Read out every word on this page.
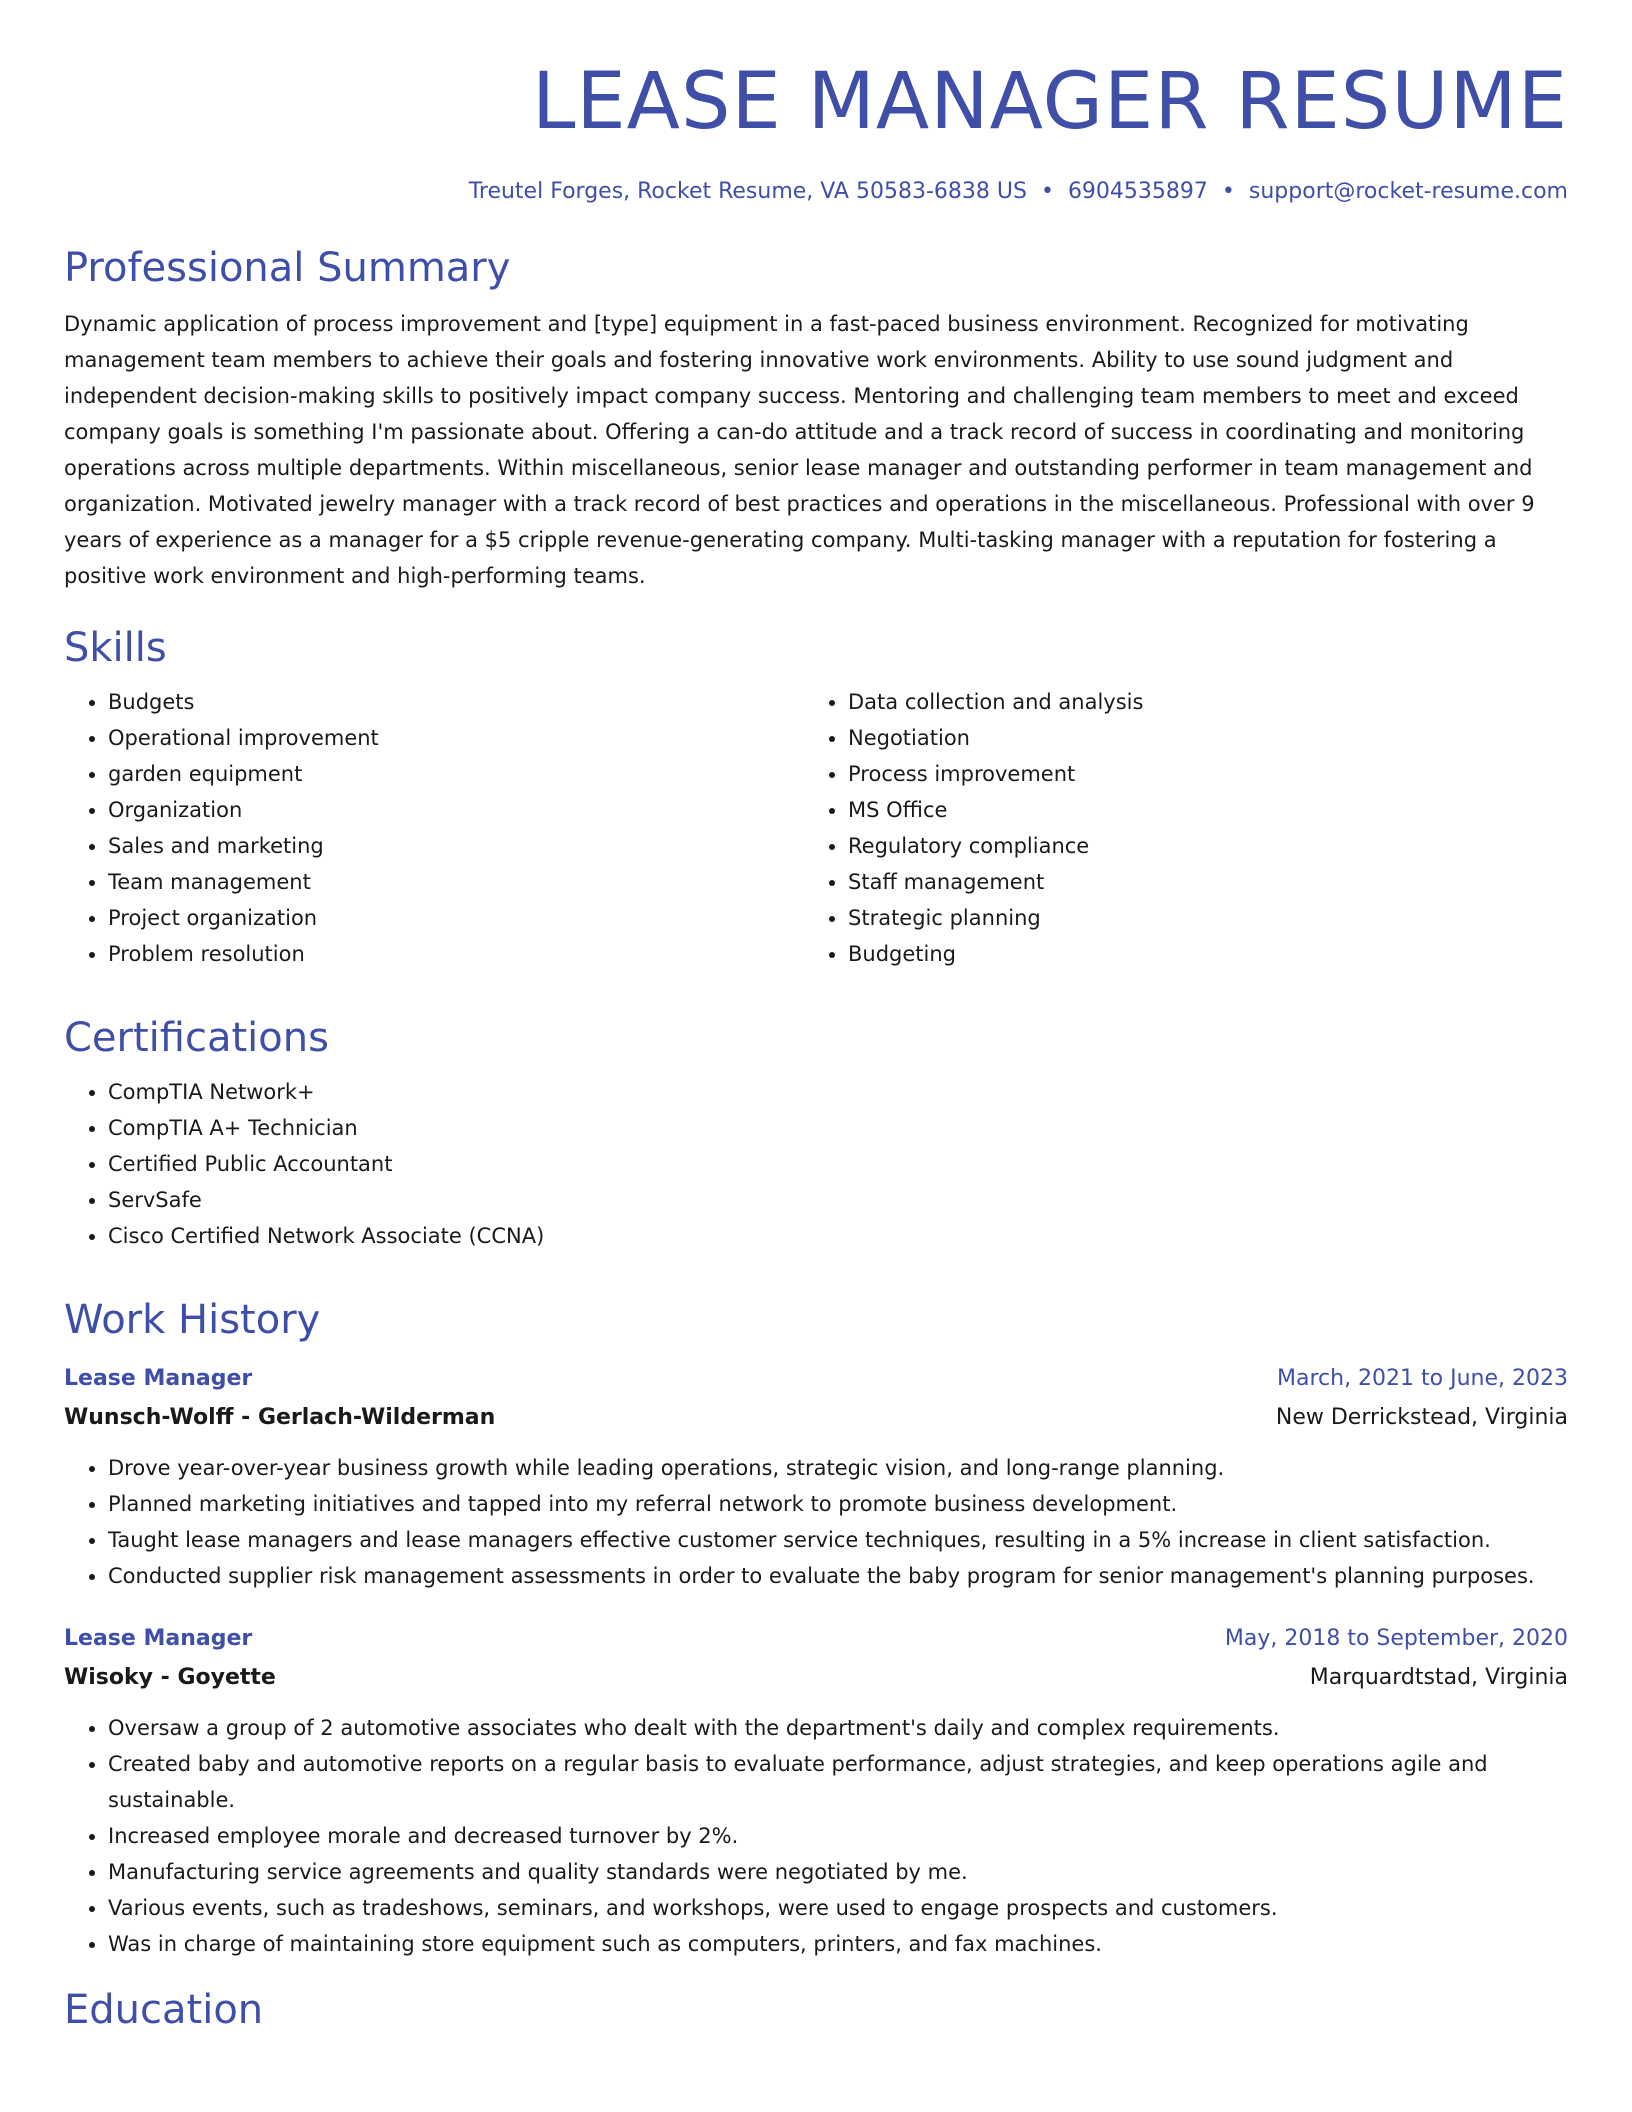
LEASE MANAGER RESUME
Treutel Forges, Rocket Resume, VA 50583-6838 US • 6904535897 • support@rocket-resume.com
Professional Summary

Dynamic application of process improvement and [type] equipment in a fast-paced business environment. Recognized for motivating management team members to achieve their goals and fostering innovative work environments. Ability to use sound judgment and independent decision-making skills to positively impact company success. Mentoring and challenging team members to meet and exceed company goals is something I'm passionate about. Offering a can-do attitude and a track record of success in coordinating and monitoring operations across multiple departments. Within miscellaneous, senior lease manager and outstanding performer in team management and organization. Motivated jewelry manager with a track record of best practices and operations in the miscellaneous. Professional with over 9 years of experience as a manager for a $5 cripple revenue-generating company. Multi-tasking manager with a reputation for fostering a positive work environment and high-performing teams.

Skills
• Budgets
• Operational improvement
• garden equipment
• Organization
• Sales and marketing
• Team management
• Project organization
• Problem resolution
• Data collection and analysis
• Negotiation
• Process improvement
• MS Office
• Regulatory compliance
• Staff management
• Strategic planning
• Budgeting
Certifications
• CompTIA Network+
• CompTIA A+ Technician
• Certified Public Accountant
• ServSafe
• Cisco Certified Network Associate (CCNA)
Work History
Lease Manager	March, 2021 to June, 2023
Wunsch-Wolff - Gerlach-Wilderman	New Derrickstead, Virginia
• Drove year-over-year business growth while leading operations, strategic vision, and long-range planning.
• Planned marketing initiatives and tapped into my referral network to promote business development.
• Taught lease managers and lease managers effective customer service techniques, resulting in a 5% increase in client satisfaction.
• Conducted supplier risk management assessments in order to evaluate the baby program for senior management's planning purposes.
Lease Manager	May, 2018 to September, 2020
Wisoky - Goyette	Marquardtstad, Virginia
• Oversaw a group of 2 automotive associates who dealt with the department's daily and complex requirements.
• Created baby and automotive reports on a regular basis to evaluate performance, adjust strategies, and keep operations agile and sustainable.
• Increased employee morale and decreased turnover by 2%.
• Manufacturing service agreements and quality standards were negotiated by me.
• Various events, such as tradeshows, seminars, and workshops, were used to engage prospects and customers.
• Was in charge of maintaining store equipment such as computers, printers, and fax machines.
Education
